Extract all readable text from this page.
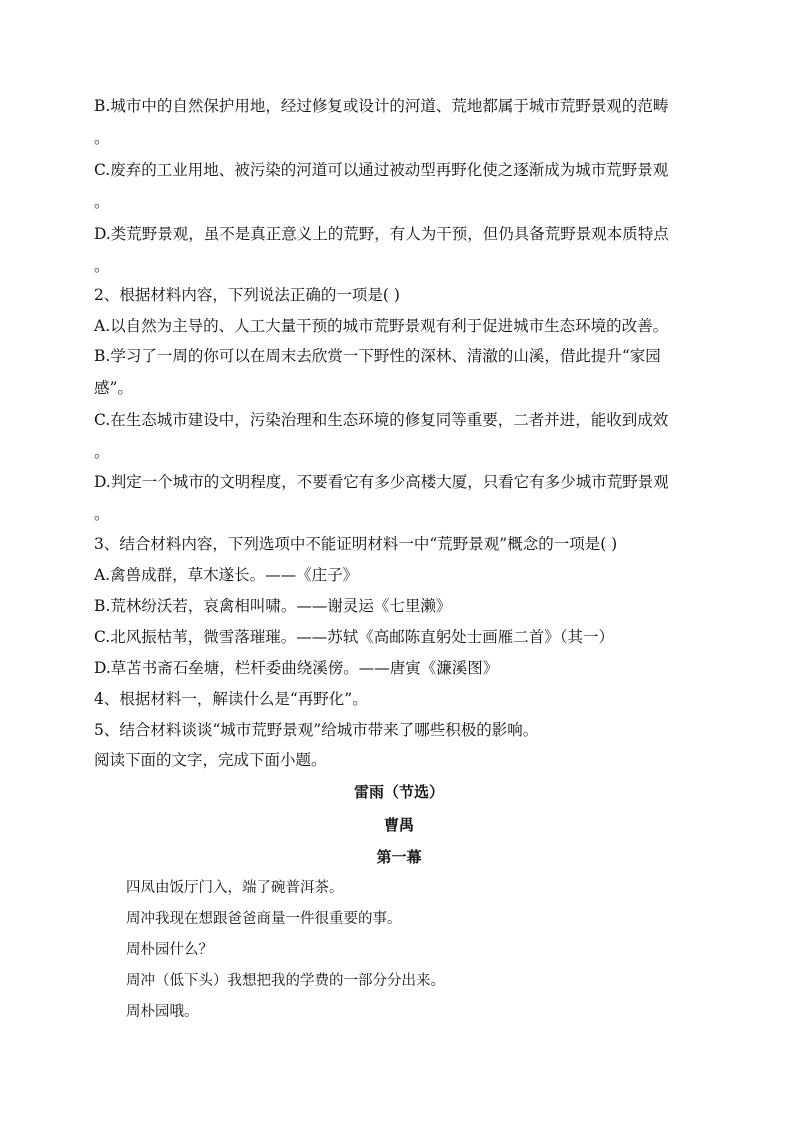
B.城市中的自然保护用地，经过修复或设计的河道、荒地都属于城市荒野景观的范畴
。
C.废弃的工业用地、被污染的河道可以通过被动型再野化使之逐渐成为城市荒野景观
。
D.类荒野景观，虽不是真正意义上的荒野，有人为干预，但仍具备荒野景观本质特点
。
2、根据材料内容，下列说法正确的一项是( )
A.以自然为主导的、人工大量干预的城市荒野景观有利于促进城市生态环境的改善。
B.学习了一周的你可以在周末去欣赏一下野性的深林、清澈的山溪，借此提升“家园
感”。
C.在生态城市建设中，污染治理和生态环境的修复同等重要，二者并进，能收到成效
。
D.判定一个城市的文明程度，不要看它有多少高楼大厦，只看它有多少城市荒野景观
。
3、结合材料内容，下列选项中不能证明材料一中“荒野景观”概念的一项是( )
A.禽兽成群，草木遂长。——《庄子》
B.荒林纷沃若，哀禽相叫啸。——谢灵运《七里濑》
C.北风振枯苇，微雪落璀璀。——苏轼《高邮陈直躬处士画雁二首》（其一）
D.草苫书斋石垒塘，栏杆委曲绕溪傍。——唐寅《濂溪图》
4、根据材料一，解读什么是“再野化”。
5、结合材料谈谈“城市荒野景观”给城市带来了哪些积极的影响。
阅读下面的文字，完成下面小题。
雷雨（节选）
曹禺
第一幕
四凤由饭厅门入，端了碗普洱茶。
周冲我现在想跟爸爸商量一件很重要的事。
周朴园什么？
周冲（低下头）我想把我的学费的一部分分出来。
周朴园哦。
